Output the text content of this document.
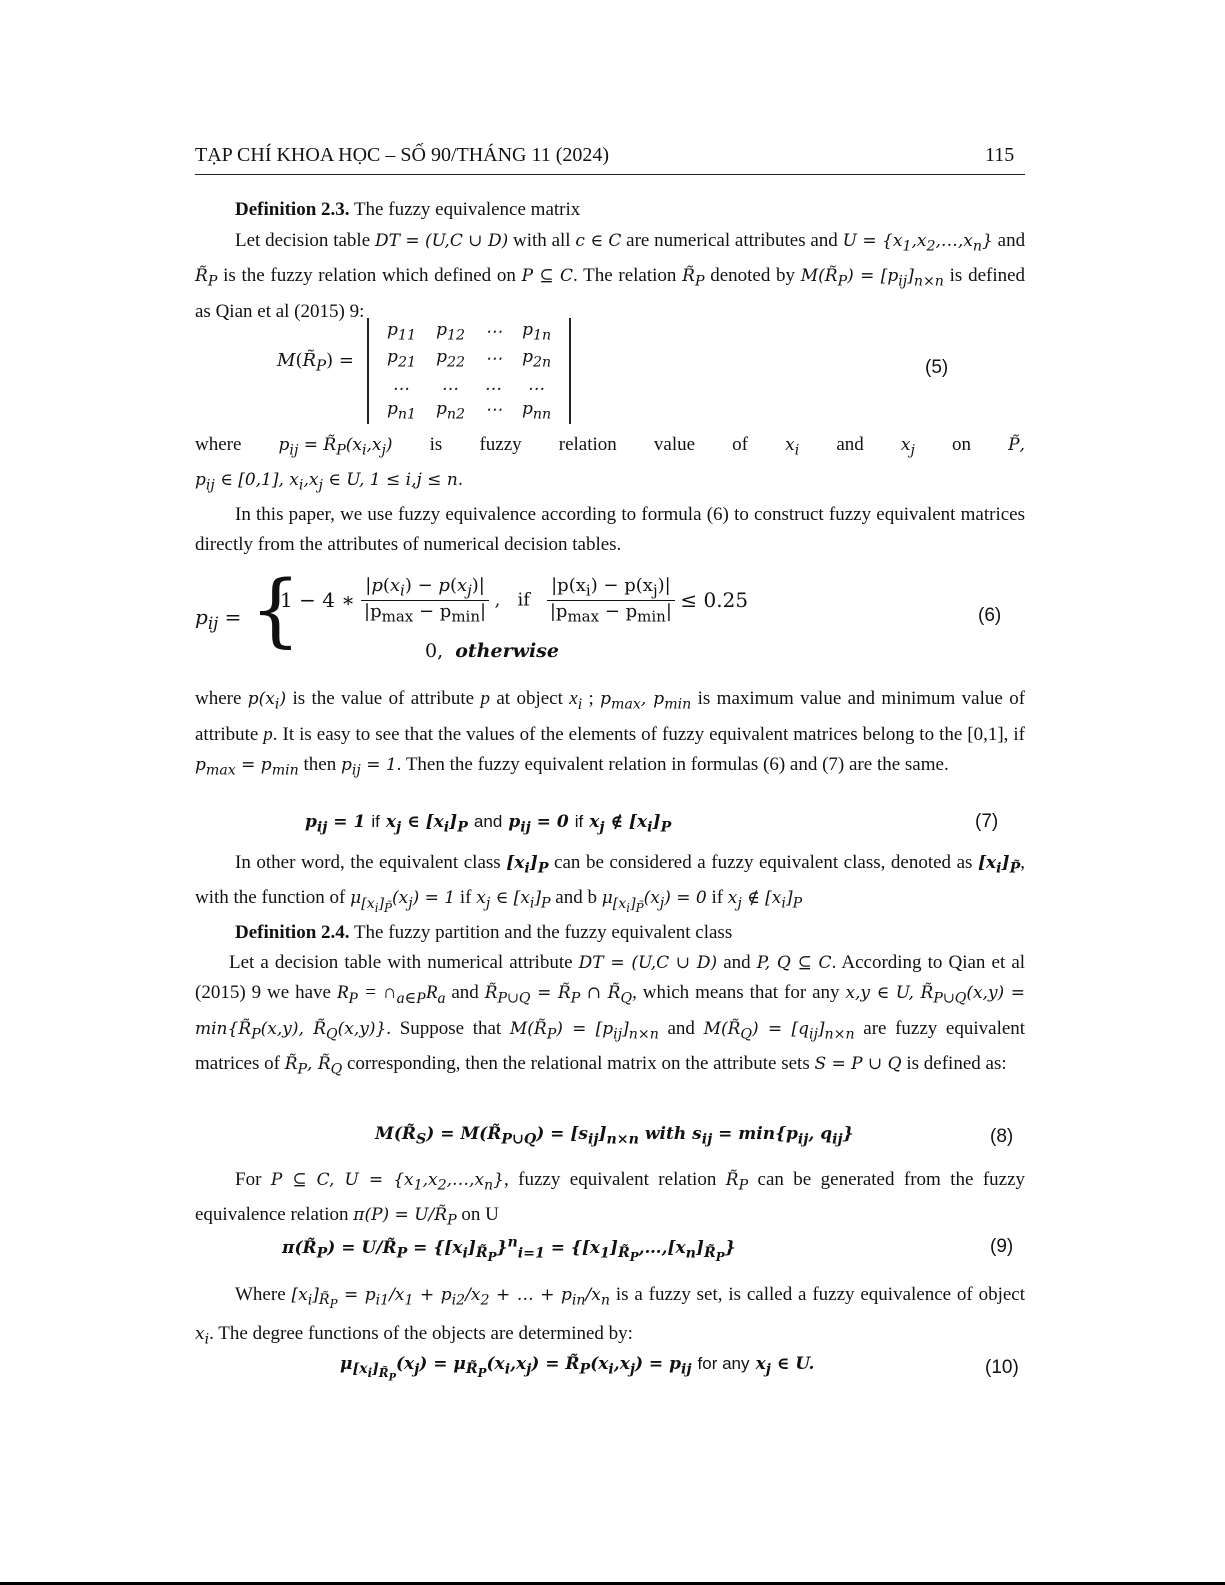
TẠP CHÍ KHOA HỌC – SỐ 90/THÁNG 11 (2024)	115
Definition 2.3. The fuzzy equivalence matrix
Let decision table DT = (U,C ∪ D) with all c ∈ C are numerical attributes and $U = \{x_1,x_2,\dots,x_n\}$ and $R̃_P$ is the fuzzy relation which defined on P ⊆ C. The relation $R̃_P$ denoted by $M(R̃_P) = [p_{ij}]_{n\times n}$ is defined as Qian et al (2015) 9:
$M(R̃_P)$ =
$p_{11}$	$p_{12}$	⋯	$p_{1n}$
$p_{21}$	$p_{22}$	⋯	$p_{2n}$
…	…	…	…
$p_{n1}$	$p_{n2}$	⋯	$p_{nn}$
(5)
where $p_{ij}$ = $R̃_P(x_i,x_j)$ is fuzzy relation value of $x_i$ and $x_j$ on P̃,
$p_{ij}$ ∈ [0,1], $x_i,x_j$ ∈ U, 1 ≤ i,j ≤ n.
In this paper, we use fuzzy equivalence according to formula (6) to construct fuzzy equivalent matrices directly from the attributes of numerical decision tables.
$p_{ij}$ = {
1 − 4 ∗ $\frac{|p(x_i) - p(x_j)|}{|p_{max} - p_{min}|}$ ,   if $\frac{|p(x_i) - p(x_j)|}{|p_{max} - p_{min}|} \le 0.25$
0, otherwise
(6)
where $p(x_i)$ is the value of attribute p at object $x_i$ ; $p_{max}$, $p_{min}$ is maximum value and minimum value of attribute p. It is easy to see that the values of the elements of fuzzy equivalent matrices belong to the [0,1], if $p_{max} = p_{min}$ then $p_{ij} = 1$. Then the fuzzy equivalent relation in formulas (6) and (7) are the same.
$p_{ij} = 1$ if $x_j$ ∈ $[x_i]_P$ and $p_{ij} = 0$ if $x_j$ ∉ $[x_i]_P$	(7)
In other word, the equivalent class $[x_i]_P$ can be considered a fuzzy equivalent class, denoted as $[x_i]_{P̃}$, with the function of $\mu_{[x_i]_{P̃}}(x_j) = 1$ if $x_j$ ∈ $[x_i]_P$ and b $\mu_{[x_i]_{P̃}}(x_j) = 0$ if $x_j$ ∉ $[x_i]_P$
Definition 2.4. The fuzzy partition and the fuzzy equivalent class
Let a decision table with numerical attribute DT = (U,C ∪ D) and P, Q ⊆ C. According to Qian et al (2015) 9 we have $R_P$ = $\cap_{a\in P}R_a$ and $R̃_{P\cup Q}$ = $R̃_P$ ∩ $R̃_Q$, which means that for any x,y ∈ U, $R̃_{P\cup Q}(x,y)$ = $\min\{R̃_P(x,y)$, $R̃_Q(x,y)$}. Suppose that $M(R̃_P) = [p_{ij}]_{n\times n}$ and $M(R̃_Q) = [q_{ij}]_{n\times n}$ are fuzzy equivalent matrices of $R̃_P$, $R̃_Q$ corresponding, then the relational matrix on the attribute sets S = P ∪ Q is defined as:
$M(R̃_S)$ = $M(R̃_{P\cup Q}) = [s_{ij}]_{n\times n}$ with $s_{ij} = \min\{p_{ij}$, $q_{ij}$}	(8)
For P ⊆ C, $U = \{x_1,x_2,\dots,x_n\}$, fuzzy equivalent relation $R̃_P$ can be generated from the fuzzy equivalence relation $\pi(P) = U/R̃_P$ on U
$\pi(R̃_P)$ = $U/R̃_P = \{[x_i]_{R̃_P}\}^n_{i=1}$ = $\{[x_1]_{R̃_P},\dots,[x_n]_{R̃_P}\}$	(9)
Where $[x_i]_{R̃_P} = p_{i1}/x_1 + p_{i2}/x_2$ + … + $p_{in}/x_n$ is a fuzzy set, is called a fuzzy equivalence of object $x_i$. The degree functions of the objects are determined by:
$\mu_{[x_i]_{R̃_P}}(x_j) = \mu_{R̃_P}(x_i,x_j)$ = $R̃_P(x_i,x_j) = p_{ij}$ for any $x_j$ ∈ U.	(10)
